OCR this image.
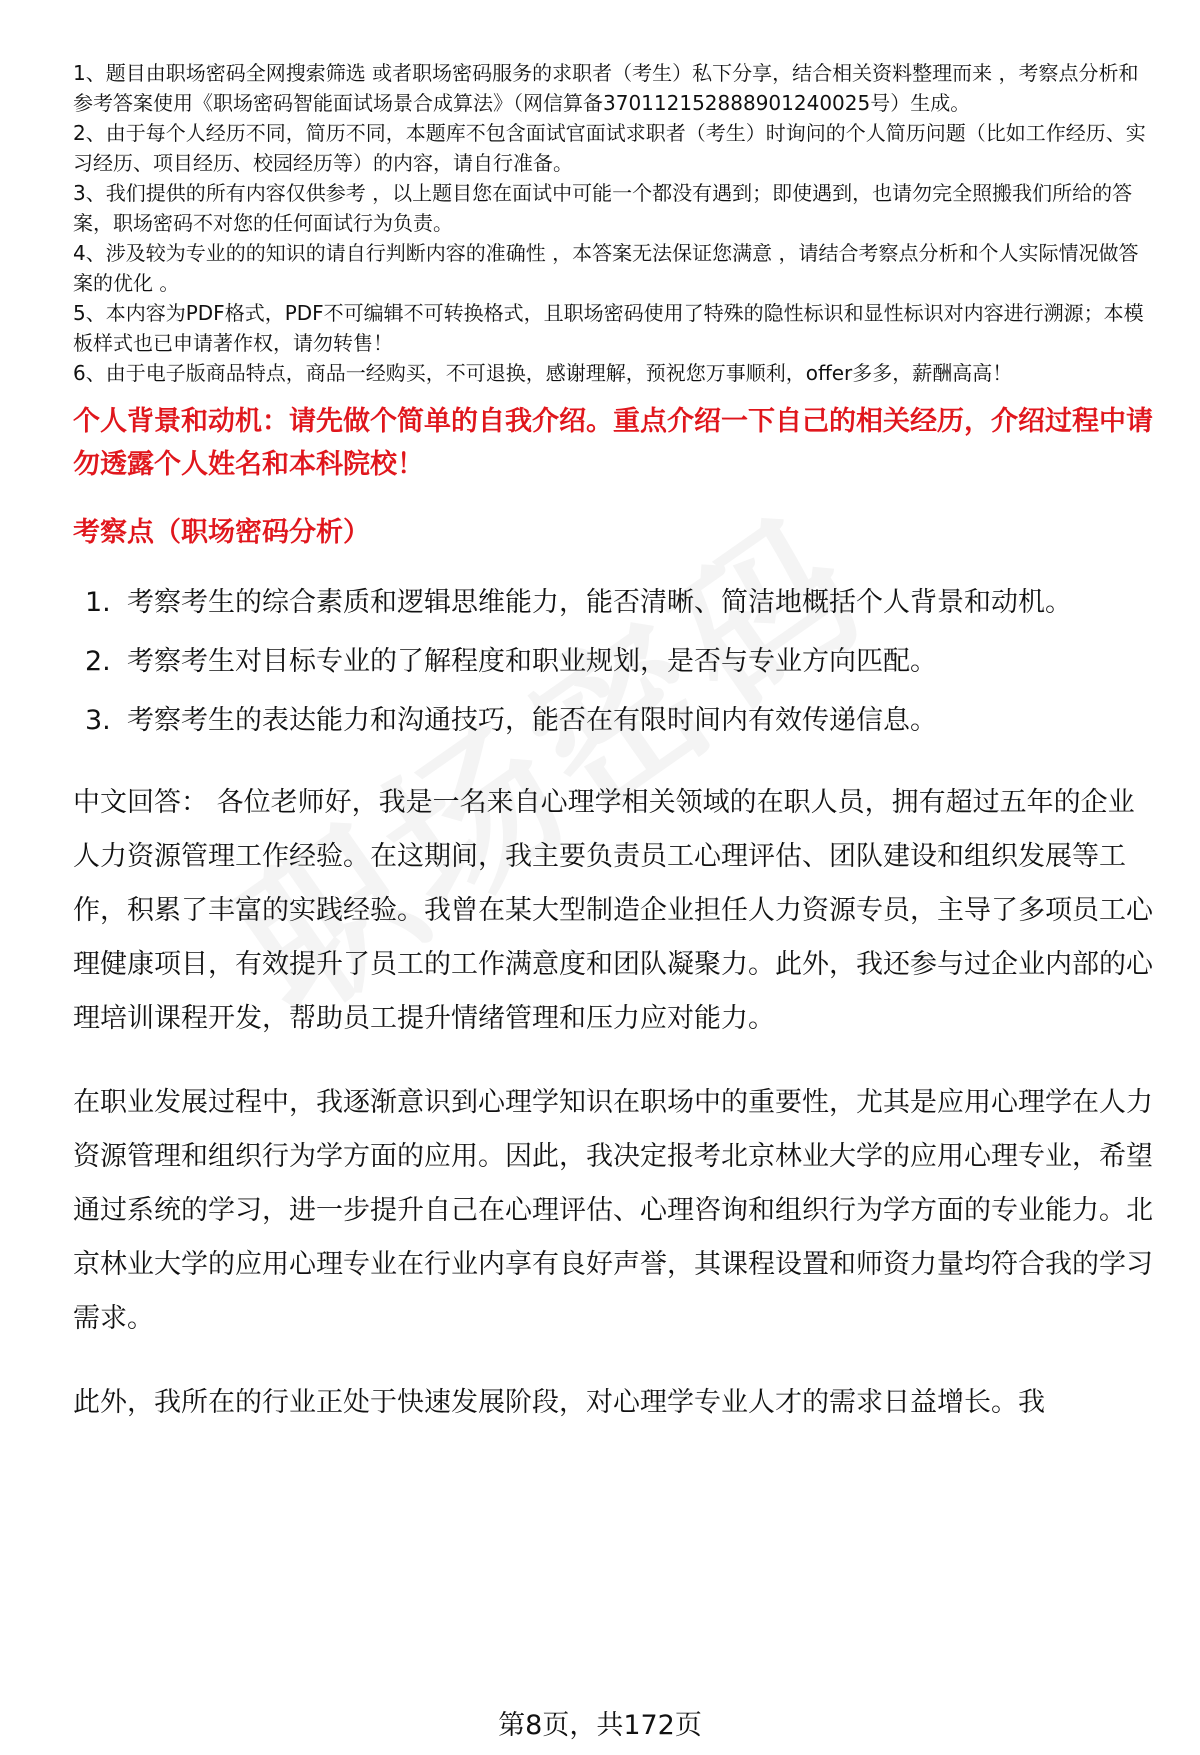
1、题目由职场密码全网搜索筛选 或者职场密码服务的求职者（考生）私下分享，结合相关资料整理而来 ，考察点分析和参考答案使用《职场密码智能面试场景合成算法》（网信算备370112152888901240025号）生成。

2、由于每个人经历不同，简历不同，本题库不包含面试官面试求职者（考生）时询问的个人简历问题（比如工作经历、实习经历、项目经历、校园经历等）的内容，请自行准备。

3、我们提供的所有内容仅供参考 ，以上题目您在面试中可能一个都没有遇到；即使遇到，也请勿完全照搬我们所给的答案，职场密码不对您的任何面试行为负责。

4、涉及较为专业的的知识的请自行判断内容的准确性 ，本答案无法保证您满意 ，请结合考察点分析和个人实际情况做答案的优化 。

5、本内容为PDF格式，PDF不可编辑不可转换格式，且职场密码使用了特殊的隐性标识和显性标识对内容进行溯源；本模板样式也已申请著作权，请勿转售！

6、由于电子版商品特点，商品一经购买，不可退换，感谢理解，预祝您万事顺利，offer多多，薪酬高高！

个人背景和动机：请先做个简单的自我介绍。重点介绍一下自己的相关经历，介绍过程中请勿透露个人姓名和本科院校！
考察点（职场密码分析）
1. 考察考生的综合素质和逻辑思维能力，能否清晰、简洁地概括个人背景和动机。
2. 考察考生对目标专业的了解程度和职业规划，是否与专业方向匹配。
3. 考察考生的表达能力和沟通技巧，能否在有限时间内有效传递信息。

中文回答： 各位老师好，我是一名来自心理学相关领域的在职人员，拥有超过五年的企业人力资源管理工作经验。在这期间，我主要负责员工心理评估、团队建设和组织发展等工作，积累了丰富的实践经验。我曾在某大型制造企业担任人力资源专员，主导了多项员工心理健康项目，有效提升了员工的工作满意度和团队凝聚力。此外，我还参与过企业内部的心理培训课程开发，帮助员工提升情绪管理和压力应对能力。

在职业发展过程中，我逐渐意识到心理学知识在职场中的重要性，尤其是应用心理学在人力资源管理和组织行为学方面的应用。因此，我决定报考北京林业大学的应用心理专业，希望通过系统的学习，进一步提升自己在心理评估、心理咨询和组织行为学方面的专业能力。北京林业大学的应用心理专业在行业内享有良好声誉，其课程设置和师资力量均符合我的学习需求。

此外，我所在的行业正处于快速发展阶段，对心理学专业人才的需求日益增长。我

第8页，共172页
